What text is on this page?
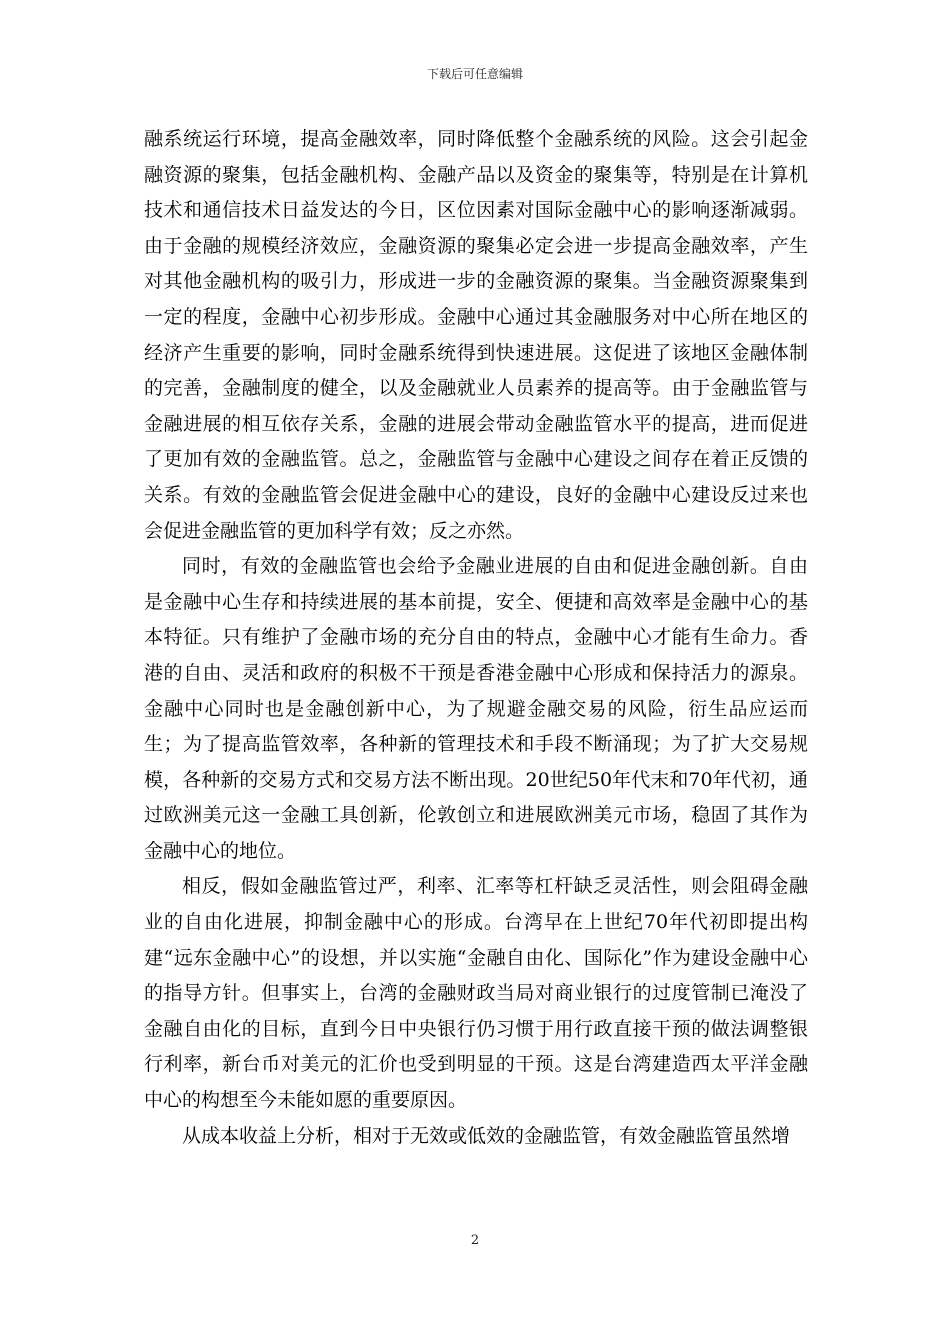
下载后可任意编辑

融系统运行环境，提高金融效率，同时降低整个金融系统的风险。这会引起金融资源的聚集，包括金融机构、金融产品以及资金的聚集等，特别是在计算机技术和通信技术日益发达的今日，区位因素对国际金融中心的影响逐渐减弱。由于金融的规模经济效应，金融资源的聚集必定会进一步提高金融效率，产生对其他金融机构的吸引力，形成进一步的金融资源的聚集。当金融资源聚集到一定的程度，金融中心初步形成。金融中心通过其金融服务对中心所在地区的经济产生重要的影响，同时金融系统得到快速进展。这促进了该地区金融体制的完善，金融制度的健全，以及金融就业人员素养的提高等。由于金融监管与金融进展的相互依存关系，金融的进展会带动金融监管水平的提高，进而促进了更加有效的金融监管。总之，金融监管与金融中心建设之间存在着正反馈的关系。有效的金融监管会促进金融中心的建设，良好的金融中心建设反过来也会促进金融监管的更加科学有效；反之亦然。

同时，有效的金融监管也会给予金融业进展的自由和促进金融创新。自由是金融中心生存和持续进展的基本前提，安全、便捷和高效率是金融中心的基本特征。只有维护了金融市场的充分自由的特点，金融中心才能有生命力。香港的自由、灵活和政府的积极不干预是香港金融中心形成和保持活力的源泉。金融中心同时也是金融创新中心，为了规避金融交易的风险，衍生品应运而生；为了提高监管效率，各种新的管理技术和手段不断涌现；为了扩大交易规模，各种新的交易方式和交易方法不断出现。20世纪50年代末和70年代初，通过欧洲美元这一金融工具创新，伦敦创立和进展欧洲美元市场，稳固了其作为金融中心的地位。

相反，假如金融监管过严，利率、汇率等杠杆缺乏灵活性，则会阻碍金融业的自由化进展，抑制金融中心的形成。台湾早在上世纪70年代初即提出构建“远东金融中心”的设想，并以实施“金融自由化、国际化”作为建设金融中心的指导方针。但事实上，台湾的金融财政当局对商业银行的过度管制已淹没了金融自由化的目标，直到今日中央银行仍习惯于用行政直接干预的做法调整银行利率，新台币对美元的汇价也受到明显的干预。这是台湾建造西太平洋金融中心的构想至今未能如愿的重要原因。

从成本收益上分析，相对于无效或低效的金融监管，有效金融监管虽然增

2
